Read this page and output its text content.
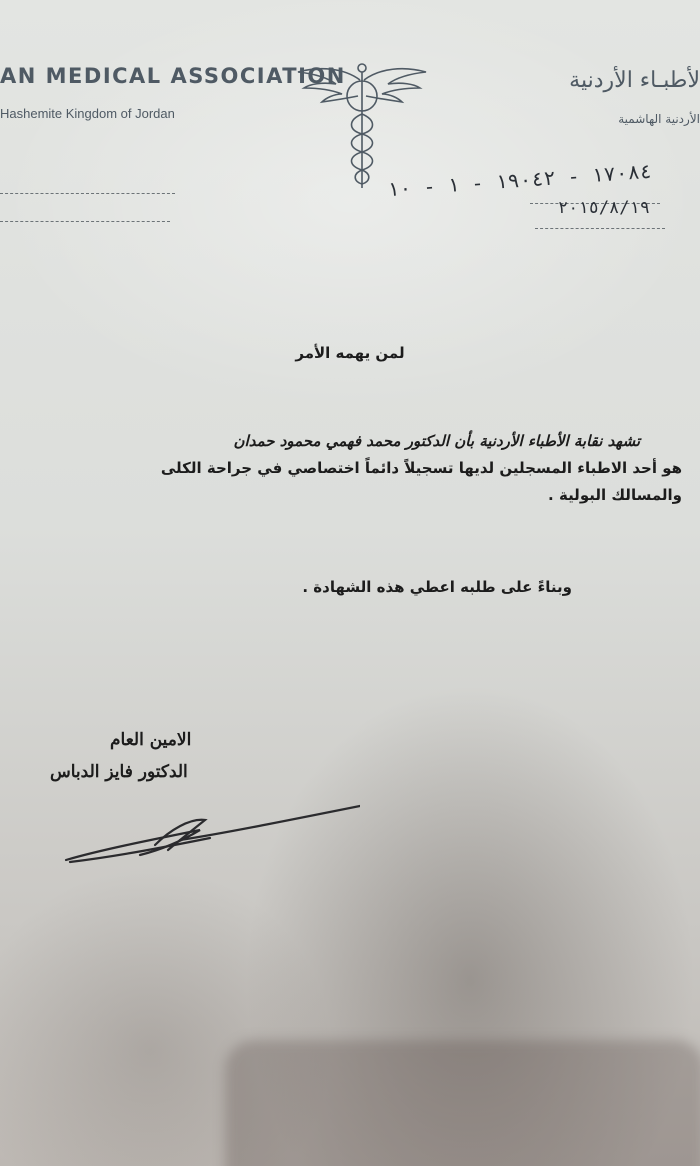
AN MEDICAL ASSOCIATION
Hashemite Kingdom of Jordan
لأطبـاء الأردنية
الأردنية الهاشمية
١٧٠٨٤ - ١٩٠٤٢ - ١ - ١٠
٢٠١٥/٨/١٩
لمن يهمه الأمر
تشهد نقابة الأطباء الأردنية بأن الدكتور محمد فهمي محمود حمدان
هو أحد الاطباء المسجلين لديها تسجيلاً دائماً اختصاصي في جراحة الكلى
والمسالك البولية .
وبناءً على طلبه اعطي هذه الشهادة .
الامين العام
الدكتور فايز الدباس
